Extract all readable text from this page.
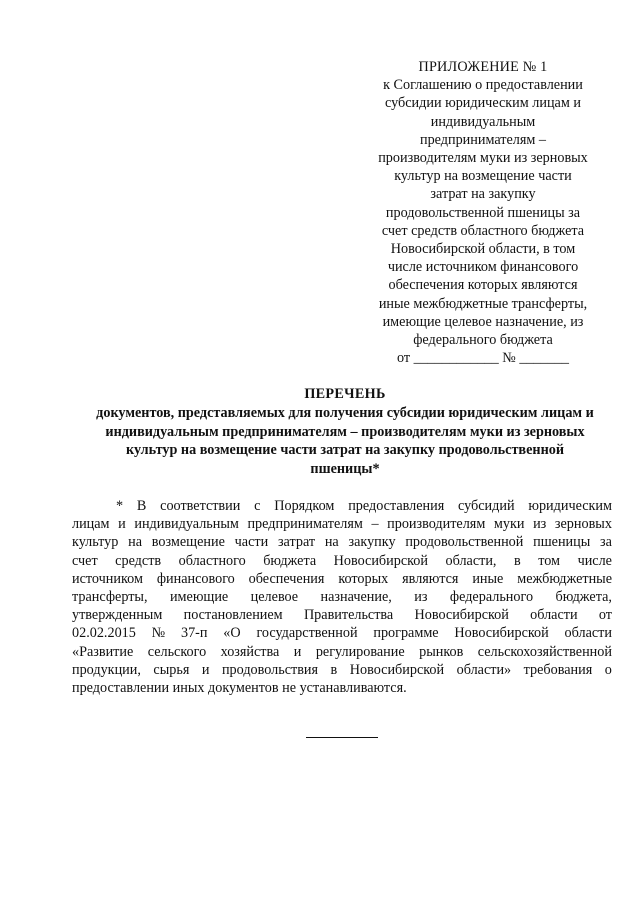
ПРИЛОЖЕНИЕ № 1
к Соглашению о предоставлении
субсидии юридическим лицам и
индивидуальным
предпринимателям –
производителям муки из зерновых
культур на возмещение части
затрат на закупку
продовольственной пшеницы за
счет средств областного бюджета
Новосибирской области, в том
числе источником финансового
обеспечения которых являются
иные межбюджетные трансферты,
имеющие целевое назначение, из
федерального бюджета
от ____________ № _______
ПЕРЕЧЕНЬ
документов, представляемых для получения субсидии юридическим лицам и
индивидуальным предпринимателям – производителям муки из зерновых
культур на возмещение части затрат на закупку продовольственной
пшеницы*
* В соответствии с Порядком предоставления субсидий юридическим
лицам и индивидуальным предпринимателям – производителям муки из зерновых
культур на возмещение части затрат на закупку продовольственной пшеницы за
счет средств областного бюджета Новосибирской области, в том числе
источником финансового обеспечения которых являются иные межбюджетные
трансферты, имеющие целевое назначение, из федерального бюджета,
утвержденным постановлением Правительства Новосибирской области от
02.02.2015 № 37-п «О государственной программе Новосибирской области
«Развитие сельского хозяйства и регулирование рынков сельскохозяйственной
продукции, сырья и продовольствия в Новосибирской области» требования о
предоставлении иных документов не устанавливаются.
